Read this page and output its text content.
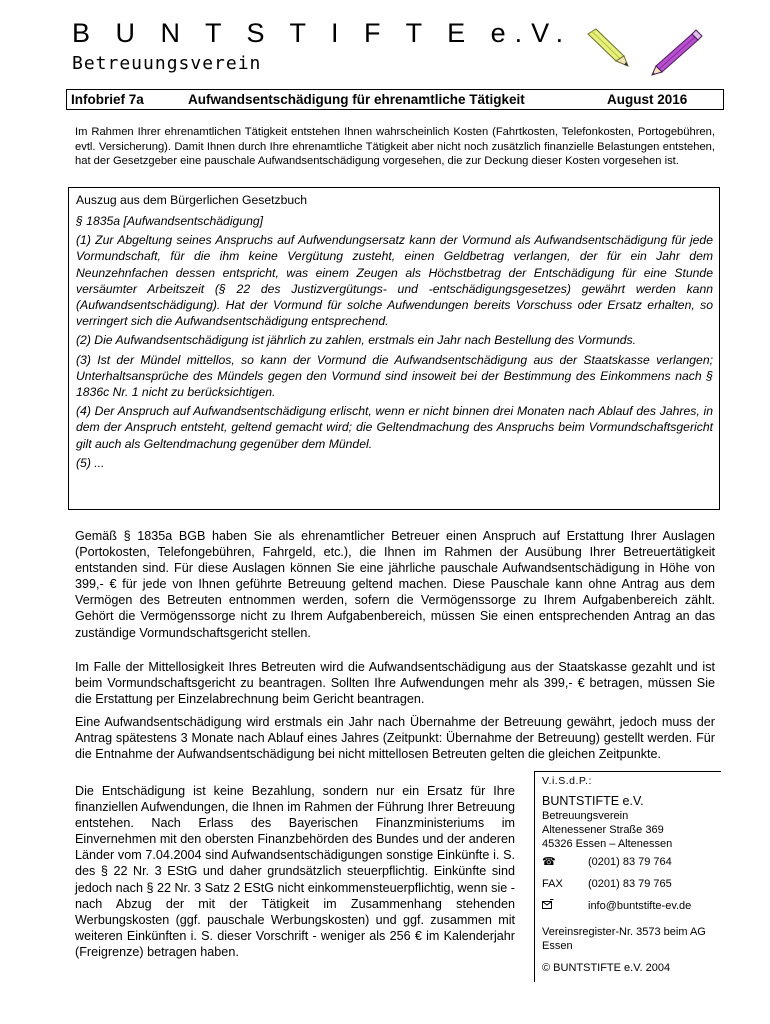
B U N T S T I F T E e.V.
Betreuungsverein
Infobrief 7a	Aufwandsentschädigung für ehrenamtliche Tätigkeit	August 2016

Im Rahmen Ihrer ehrenamtlichen Tätigkeit entstehen Ihnen wahrscheinlich Kosten (Fahrtkosten, Telefonkosten, Portogebühren, evtl. Versicherung). Damit Ihnen durch Ihre ehrenamtliche Tätigkeit aber nicht noch zusätzlich finanzielle Belastungen entstehen, hat der Gesetzgeber eine pauschale Aufwandsentschädigung vorgesehen, die zur Deckung dieser Kosten vorgesehen ist.

Auszug aus dem Bürgerlichen Gesetzbuch

§ 1835a [Aufwandsentschädigung]

(1) Zur Abgeltung seines Anspruchs auf Aufwendungsersatz kann der Vormund als Aufwandsentschädigung für jede Vormundschaft, für die ihm keine Vergütung zusteht, einen Geldbetrag verlangen, der für ein Jahr dem Neunzehnfachen dessen entspricht, was einem Zeugen als Höchstbetrag der Entschädigung für eine Stunde versäumter Arbeitszeit (§ 22 des Justizvergütungs- und -entschädigungsgesetzes) gewährt werden kann (Aufwandsentschädigung). Hat der Vormund für solche Aufwendungen bereits Vorschuss oder Ersatz erhalten, so verringert sich die Aufwandsentschädigung entsprechend.

(2) Die Aufwandsentschädigung ist jährlich zu zahlen, erstmals ein Jahr nach Bestellung des Vormunds.

(3) Ist der Mündel mittellos, so kann der Vormund die Aufwandsentschädigung aus der Staatskasse verlangen; Unterhaltsansprüche des Mündels gegen den Vormund sind insoweit bei der Bestimmung des Einkommens nach § 1836c Nr. 1 nicht zu berücksichtigen.

(4) Der Anspruch auf Aufwandsentschädigung erlischt, wenn er nicht binnen drei Monaten nach Ablauf des Jahres, in dem der Anspruch entsteht, geltend gemacht wird; die Geltendmachung des Anspruchs beim Vormundschaftsgericht gilt auch als Geltendmachung gegenüber dem Mündel.

(5) ...

Gemäß § 1835a BGB haben Sie als ehrenamtlicher Betreuer einen Anspruch auf Erstattung Ihrer Auslagen (Portokosten, Telefongebühren, Fahrgeld, etc.), die Ihnen im Rahmen der Ausübung Ihrer Betreuertätigkeit entstanden sind. Für diese Auslagen können Sie eine jährliche pauschale Aufwandsentschädigung in Höhe von 399,- € für jede von Ihnen geführte Betreuung geltend machen. Diese Pauschale kann ohne Antrag aus dem Vermögen des Betreuten entnommen werden, sofern die Vermögenssorge zu Ihrem Aufgabenbereich zählt. Gehört die Vermögenssorge nicht zu Ihrem Aufgabenbereich, müssen Sie einen entsprechenden Antrag an das zuständige Vormundschaftsgericht stellen.

Im Falle der Mittellosigkeit Ihres Betreuten wird die Aufwandsentschädigung aus der Staatskasse gezahlt und ist beim Vormundschaftsgericht zu beantragen. Sollten Ihre Aufwendungen mehr als 399,- € betragen, müssen Sie die Erstattung per Einzelabrechnung beim Gericht beantragen.

Eine Aufwandsentschädigung wird erstmals ein Jahr nach Übernahme der Betreuung gewährt, jedoch muss der Antrag spätestens 3 Monate nach Ablauf eines Jahres (Zeitpunkt: Übernahme der Betreuung) gestellt werden. Für die Entnahme der Aufwandsentschädigung bei nicht mittellosen Betreuten gelten die gleichen Zeitpunkte.

Die Entschädigung ist keine Bezahlung, sondern nur ein Ersatz für Ihre finanziellen Aufwendungen, die Ihnen im Rahmen der Führung Ihrer Betreuung entstehen. Nach Erlass des Bayerischen Finanzministeriums im Einvernehmen mit den obersten Finanzbehörden des Bundes und der anderen Länder vom 7.04.2004 sind Aufwandsentschädigungen sonstige Einkünfte i. S. des § 22 Nr. 3 EStG und daher grundsätzlich steuerpflichtig. Einkünfte sind jedoch nach § 22 Nr. 3 Satz 2 EStG nicht einkommensteuerpflichtig, wenn sie - nach Abzug der mit der Tätigkeit im Zusammenhang stehenden Werbungskosten (ggf. pauschale Werbungskosten) und ggf. zusammen mit weiteren Einkünften i. S. dieser Vorschrift - weniger als 256 € im Kalenderjahr (Freigrenze) betragen haben.

V.i.S.d.P.:
BUNTSTIFTE e.V.
Betreuungsverein
Altenessener Straße 369
45326 Essen – Altenessen
☎	(0201) 83 79 764
FAX (0201) 83 79 765
info@buntstifte-ev.de
Vereinsregister-Nr. 3573 beim AG Essen
© BUNTSTIFTE e.V. 2004
